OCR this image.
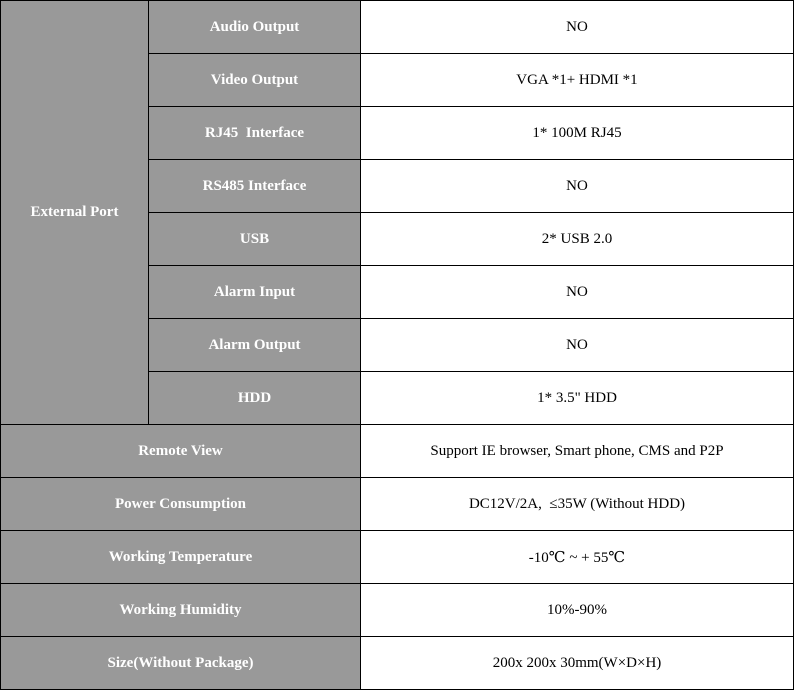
External Port	Audio Output	NO
	Video Output	VGA *1+ HDMI *1
	RJ45  Interface	1* 100M RJ45
	RS485 Interface	NO
	USB	2* USB 2.0
	Alarm Input	NO
	Alarm Output	NO
	HDD	1* 3.5" HDD
Remote View		Support IE browser, Smart phone, CMS and P2P
Power Consumption		DC12V/2A,  ≤35W (Without HDD)
Working Temperature		-10℃ ~ + 55℃
Working Humidity		10%-90%
Size(Without Package)		200x 200x 30mm(W×D×H)
